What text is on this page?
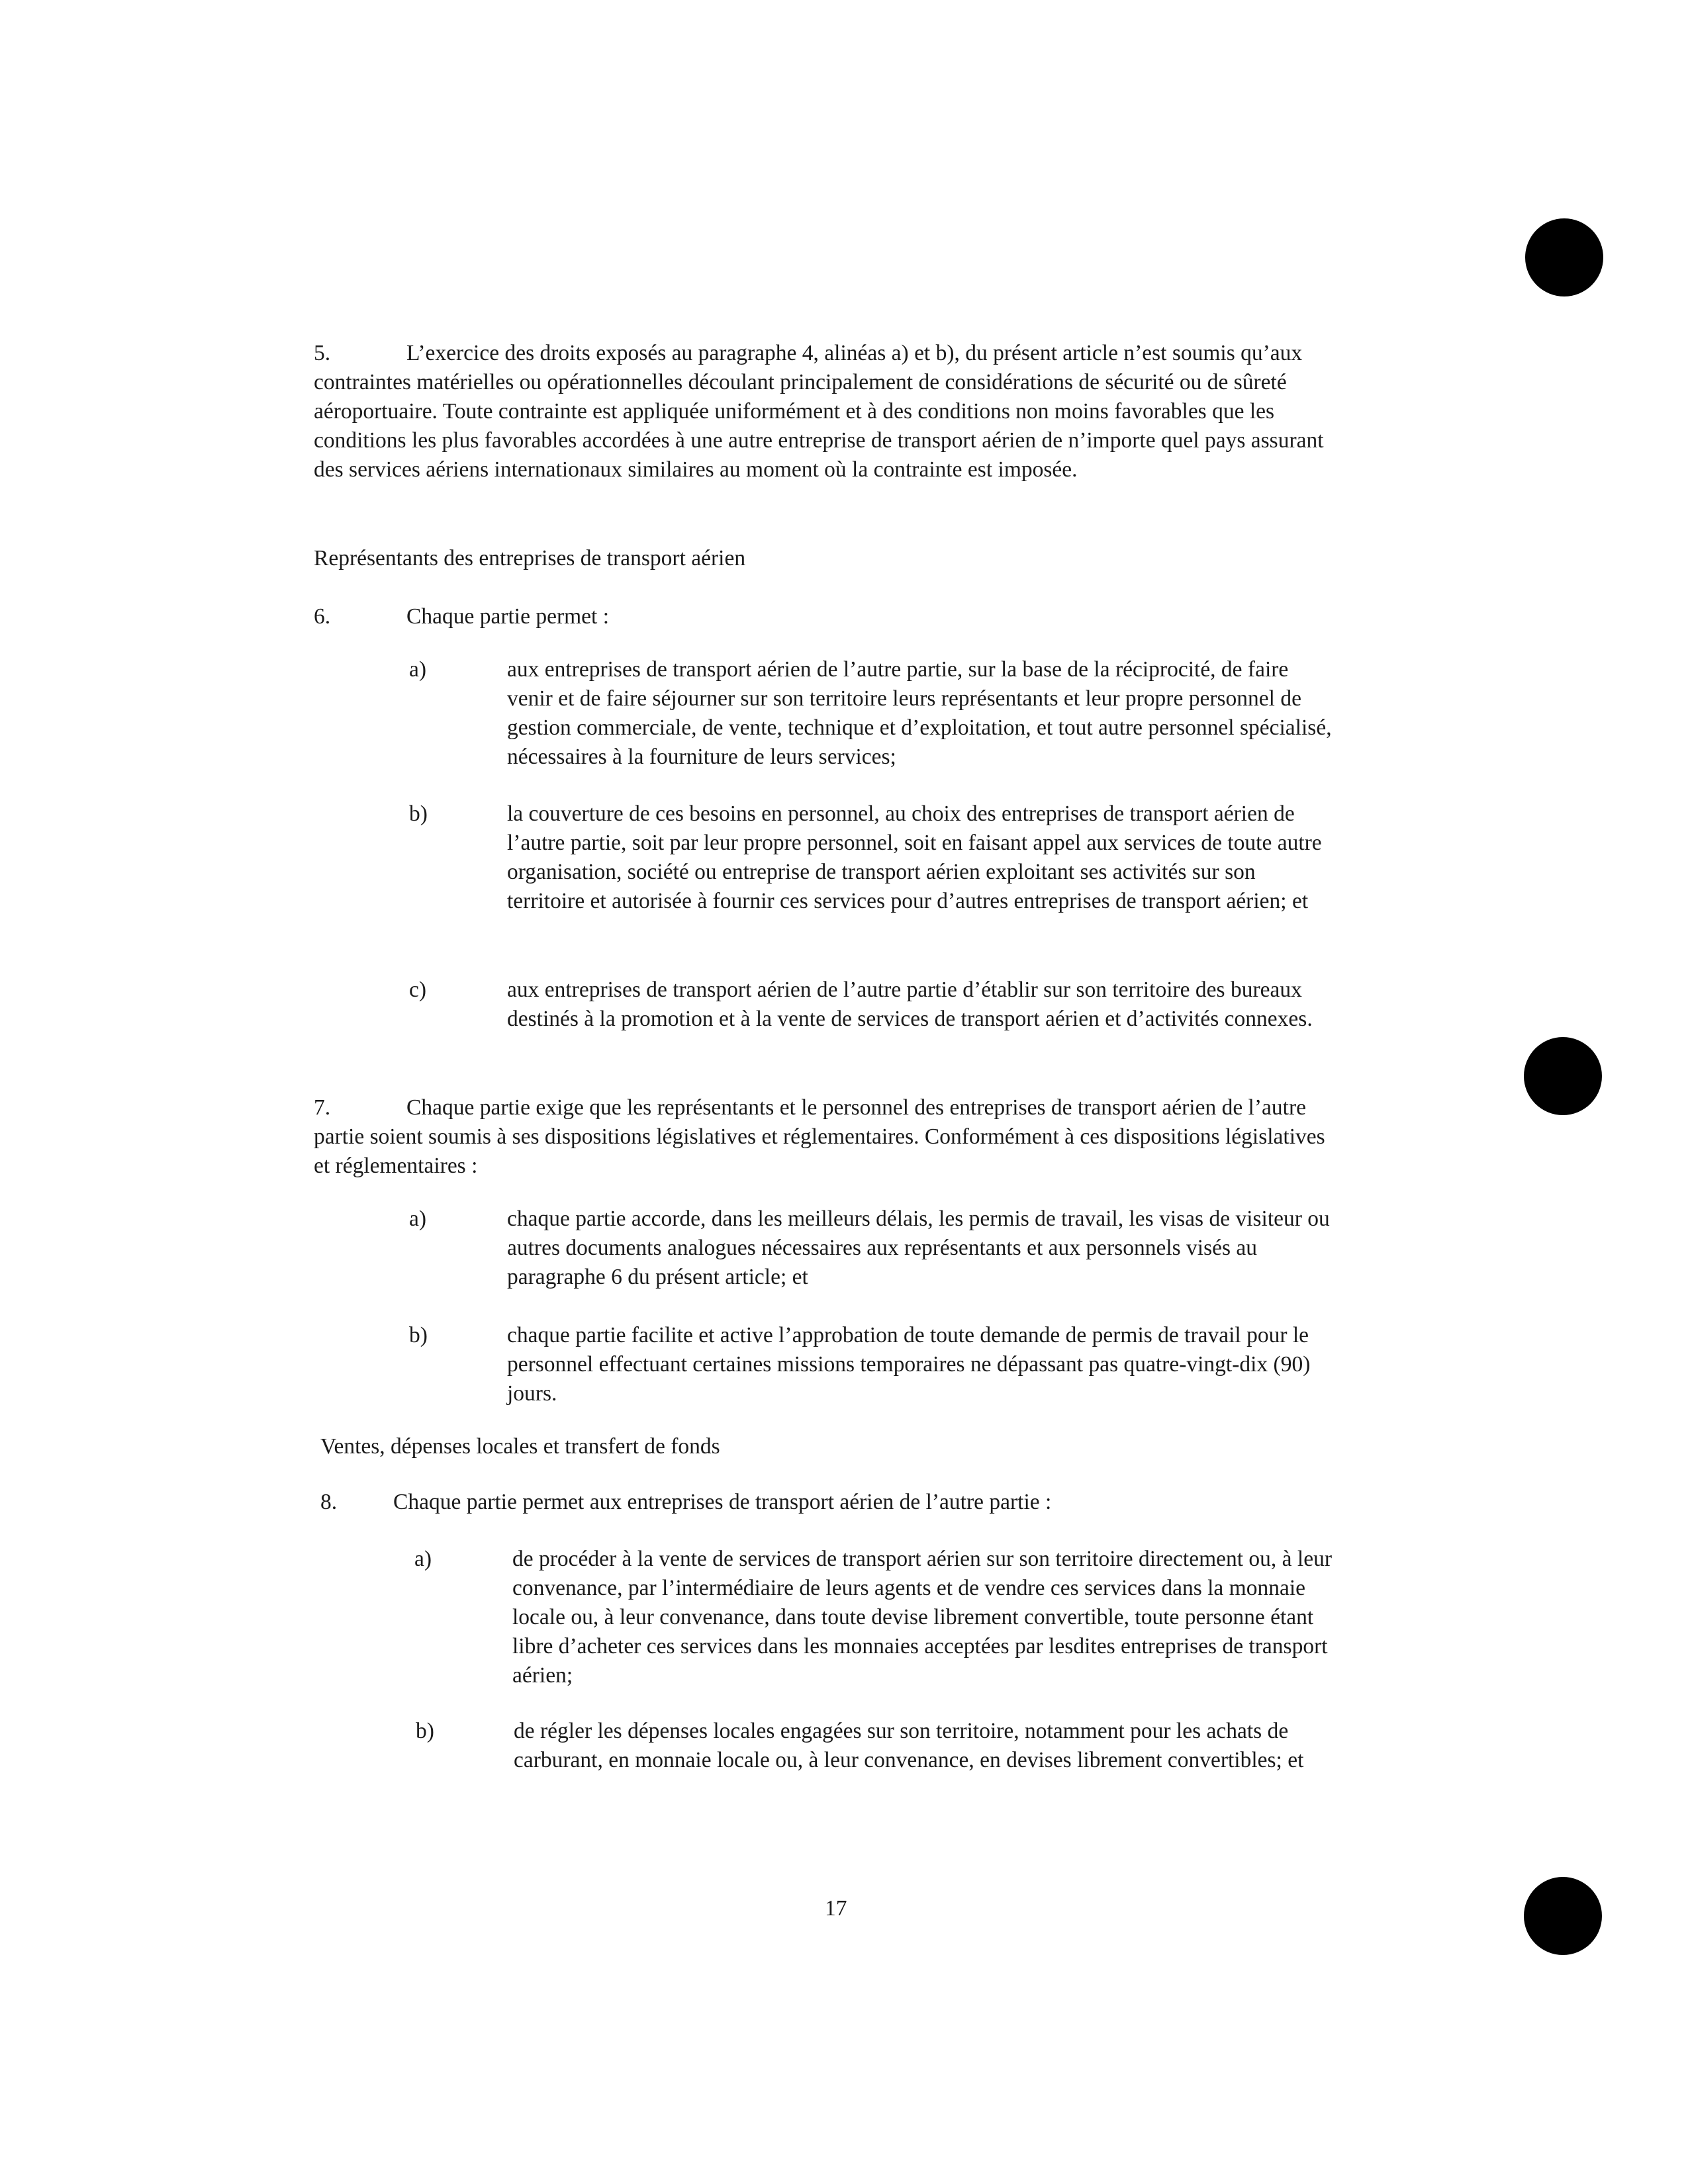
5.	L’exercice des droits exposés au paragraphe 4, alinéas a) et b), du présent article n’est soumis qu’aux contraintes matérielles ou opérationnelles découlant principalement de considérations de sécurité ou de sûreté aéroportuaire. Toute contrainte est appliquée uniformément et à des conditions non moins favorables que les conditions les plus favorables accordées à une autre entreprise de transport aérien de n’importe quel pays assurant des services aériens internationaux similaires au moment où la contrainte est imposée.
Représentants des entreprises de transport aérien
6.	Chaque partie permet :
a)	aux entreprises de transport aérien de l’autre partie, sur la base de la réciprocité, de faire venir et de faire séjourner sur son territoire leurs représentants et leur propre personnel de gestion commerciale, de vente, technique et d’exploitation, et tout autre personnel spécialisé, nécessaires à la fourniture de leurs services;
b)	la couverture de ces besoins en personnel, au choix des entreprises de transport aérien de l’autre partie, soit par leur propre personnel, soit en faisant appel aux services de toute autre organisation, société ou entreprise de transport aérien exploitant ses activités sur son territoire et autorisée à fournir ces services pour d’autres entreprises de transport aérien; et
c)	aux entreprises de transport aérien de l’autre partie d’établir sur son territoire des bureaux destinés à la promotion et à la vente de services de transport aérien et d’activités connexes.
7.	Chaque partie exige que les représentants et le personnel des entreprises de transport aérien de l’autre partie soient soumis à ses dispositions législatives et réglementaires. Conformément à ces dispositions législatives et réglementaires :
a)	chaque partie accorde, dans les meilleurs délais, les permis de travail, les visas de visiteur ou autres documents analogues nécessaires aux représentants et aux personnels visés au paragraphe 6 du présent article; et
b)	chaque partie facilite et active l’approbation de toute demande de permis de travail pour le personnel effectuant certaines missions temporaires ne dépassant pas quatre-vingt-dix (90) jours.
Ventes, dépenses locales et transfert de fonds
8.	Chaque partie permet aux entreprises de transport aérien de l’autre partie :
a)	de procéder à la vente de services de transport aérien sur son territoire directement ou, à leur convenance, par l’intermédiaire de leurs agents et de vendre ces services dans la monnaie locale ou, à leur convenance, dans toute devise librement convertible, toute personne étant libre d’acheter ces services dans les monnaies acceptées par lesdites entreprises de transport aérien;
b)	de régler les dépenses locales engagées sur son territoire, notamment pour les achats de carburant, en monnaie locale ou, à leur convenance, en devises librement convertibles; et
17
